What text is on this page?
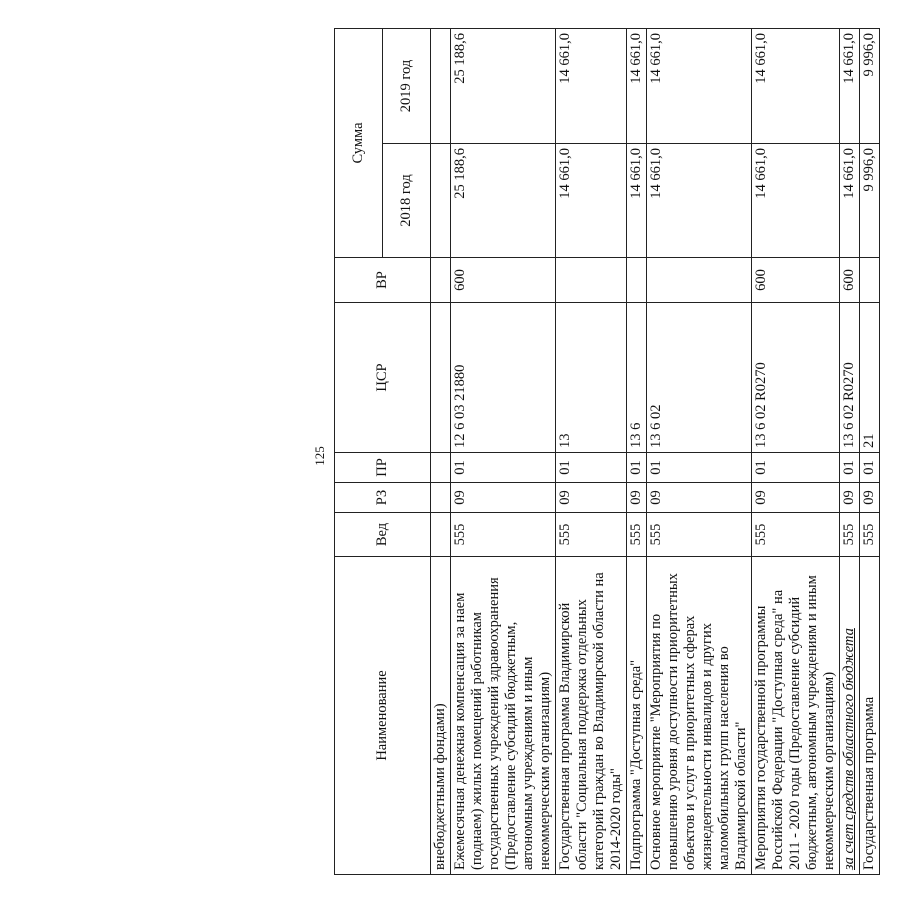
125
Наименование	Вед	РЗ	ПР	ЦСР	ВР	Сумма	
						2018 год	2019 год
внебюджетными фондами)							
Ежемесячная денежная компенсация за наем (поднаем) жилых помещений работникам государственных учреждений здравоохранения (Предоставление субсидий бюджетным, автономным учреждениям и иным некоммерческим организациям)	555	09	01	12 6 03 21880	600	25 188,6	25 188,6
Государственная программа Владимирской области "Социальная поддержка отдельных категорий граждан во Владимирской области на 2014-2020 годы"	555	09	01	13		14 661,0	14 661,0
Подпрограмма "Доступная среда"	555	09	01	13 6		14 661,0	14 661,0
Основное мероприятие "Мероприятия по повышению уровня доступности приоритетных объектов и услуг в приоритетных сферах жизнедеятельности инвалидов и других маломобильных групп населения во Владимирской области"	555	09	01	13 6 02		14 661,0	14 661,0
Мероприятия государственной программы Российской Федерации "Доступная среда" на 2011 - 2020 годы (Предоставление субсидий бюджетным, автономным учреждениям и иным некоммерческим организациям)	555	09	01	13 6 02 R0270	600	14 661,0	14 661,0
за счет средств областного бюджета	555	09	01	13 6 02 R0270	600	14 661,0	14 661,0
Государственная программа	555	09	01	21		9 996,0	9 996,0
